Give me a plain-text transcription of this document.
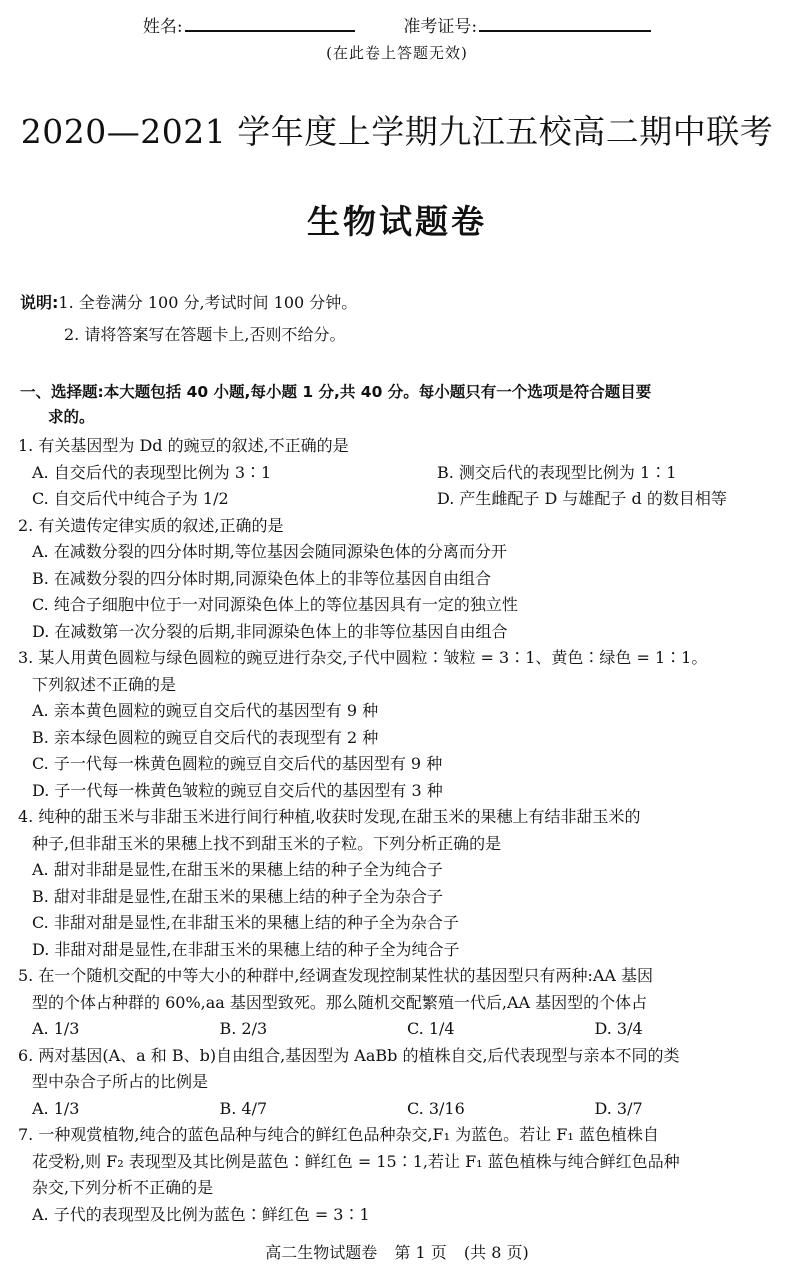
姓名:	准考证号:
(在此卷上答题无效)
2020—2021 学年度上学期九江五校高二期中联考
生物试题卷
说明:1. 全卷满分 100 分,考试时间 100 分钟。
2. 请将答案写在答题卡上,否则不给分。
一、选择题:本大题包括 40 小题,每小题 1 分,共 40 分。每小题只有一个选项是符合题目要
求的。
1. 有关基因型为 Dd 的豌豆的叙述,不正确的是
A. 自交后代的表现型比例为 3∶1	B. 测交后代的表现型比例为 1∶1
C. 自交后代中纯合子为 1/2	D. 产生雌配子 D 与雄配子 d 的数目相等
2. 有关遗传定律实质的叙述,正确的是
A. 在减数分裂的四分体时期,等位基因会随同源染色体的分离而分开
B. 在减数分裂的四分体时期,同源染色体上的非等位基因自由组合
C. 纯合子细胞中位于一对同源染色体上的等位基因具有一定的独立性
D. 在减数第一次分裂的后期,非同源染色体上的非等位基因自由组合
3. 某人用黄色圆粒与绿色圆粒的豌豆进行杂交,子代中圆粒∶皱粒 = 3∶1、黄色∶绿色 = 1∶1。
下列叙述不正确的是
A. 亲本黄色圆粒的豌豆自交后代的基因型有 9 种
B. 亲本绿色圆粒的豌豆自交后代的表现型有 2 种
C. 子一代每一株黄色圆粒的豌豆自交后代的基因型有 9 种
D. 子一代每一株黄色皱粒的豌豆自交后代的基因型有 3 种
4. 纯种的甜玉米与非甜玉米进行间行种植,收获时发现,在甜玉米的果穗上有结非甜玉米的
种子,但非甜玉米的果穗上找不到甜玉米的子粒。下列分析正确的是
A. 甜对非甜是显性,在甜玉米的果穗上结的种子全为纯合子
B. 甜对非甜是显性,在甜玉米的果穗上结的种子全为杂合子
C. 非甜对甜是显性,在非甜玉米的果穗上结的种子全为杂合子
D. 非甜对甜是显性,在非甜玉米的果穗上结的种子全为纯合子
5. 在一个随机交配的中等大小的种群中,经调查发现控制某性状的基因型只有两种:AA 基因
型的个体占种群的 60%,aa 基因型致死。那么随机交配繁殖一代后,AA 基因型的个体占
A. 1/3	B. 2/3	C. 1/4	D. 3/4
6. 两对基因(A、a 和 B、b)自由组合,基因型为 AaBb 的植株自交,后代表现型与亲本不同的类
型中杂合子所占的比例是
A. 1/3	B. 4/7	C. 3/16	D. 3/7
7. 一种观赏植物,纯合的蓝色品种与纯合的鲜红色品种杂交,F₁ 为蓝色。若让 F₁ 蓝色植株自
花受粉,则 F₂ 表现型及其比例是蓝色∶鲜红色 = 15∶1,若让 F₁ 蓝色植株与纯合鲜红色品种
杂交,下列分析不正确的是
A. 子代的表现型及比例为蓝色∶鲜红色 = 3∶1
高二生物试题卷 第 1 页 (共 8 页)
